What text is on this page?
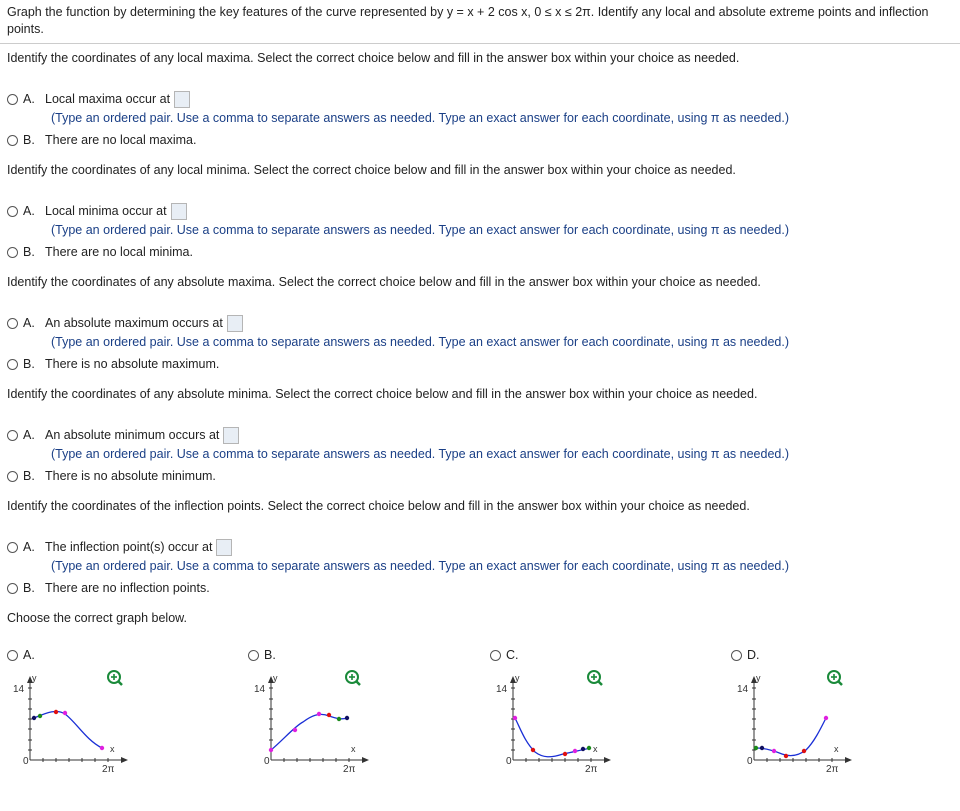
Graph the function by determining the key features of the curve represented by y = x + 2 cos x, 0 ≤ x ≤ 2π. Identify any local and absolute extreme points and inflection points.
Identify the coordinates of any local maxima. Select the correct choice below and fill in the answer box within your choice as needed.
A. Local maxima occur at
(Type an ordered pair. Use a comma to separate answers as needed. Type an exact answer for each coordinate, using π as needed.)
B. There are no local maxima.
Identify the coordinates of any local minima. Select the correct choice below and fill in the answer box within your choice as needed.
A. Local minima occur at
(Type an ordered pair. Use a comma to separate answers as needed. Type an exact answer for each coordinate, using π as needed.)
B. There are no local minima.
Identify the coordinates of any absolute maxima. Select the correct choice below and fill in the answer box within your choice as needed.
A. An absolute maximum occurs at
(Type an ordered pair. Use a comma to separate answers as needed. Type an exact answer for each coordinate, using π as needed.)
B. There is no absolute maximum.
Identify the coordinates of any absolute minima. Select the correct choice below and fill in the answer box within your choice as needed.
A. An absolute minimum occurs at
(Type an ordered pair. Use a comma to separate answers as needed. Type an exact answer for each coordinate, using π as needed.)
B. There is no absolute minimum.
Identify the coordinates of the inflection points. Select the correct choice below and fill in the answer box within your choice as needed.
A. The inflection point(s) occur at
(Type an ordered pair. Use a comma to separate answers as needed. Type an exact answer for each coordinate, using π as needed.)
B. There are no inflection points.
Choose the correct graph below.
A.	B.	C.	D.
14
y
0
x
2π
14
y
0
x
2π
14
y
0
x
2π
14
y
0
x
2π
